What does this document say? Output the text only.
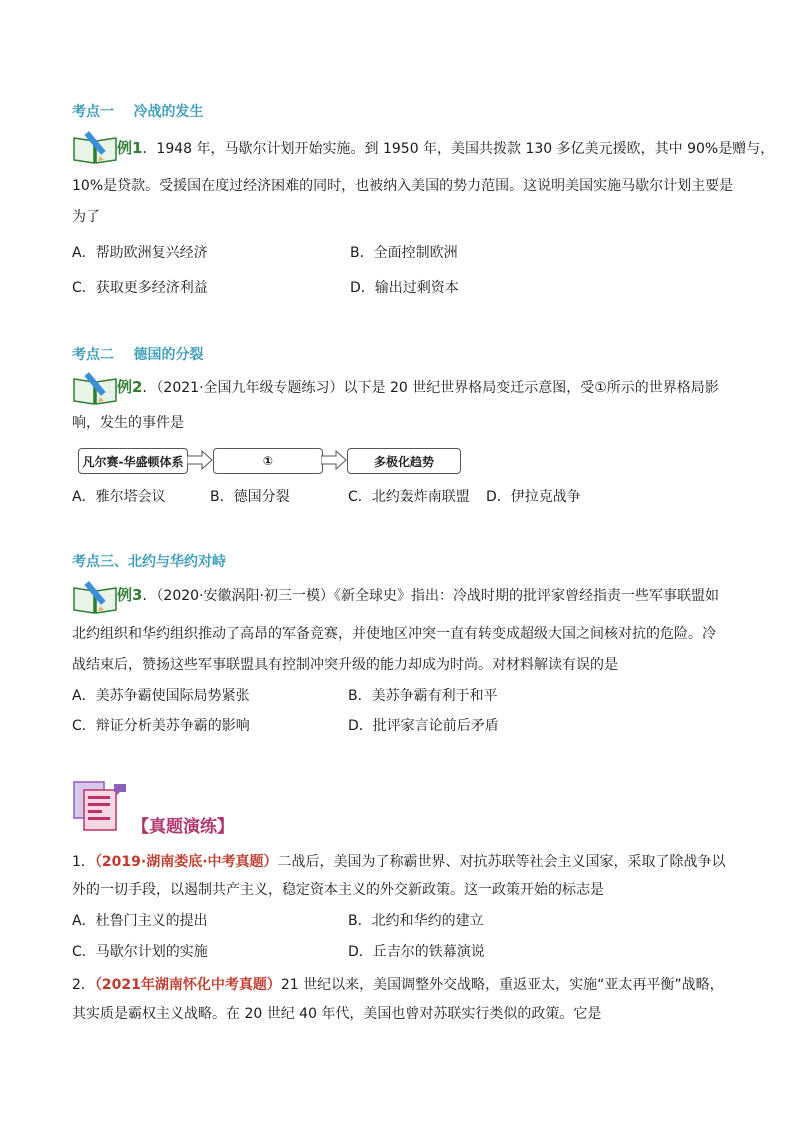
考点一    冷战的发生
例1．1948 年，马歇尔计划开始实施。到 1950 年，美国共拨款 130 多亿美元援欧，其中 90%是赠与，
10%是贷款。受援国在度过经济困难的同时，也被纳入美国的势力范围。这说明美国实施马歇尔计划主要是
为了
A．帮助欧洲复兴经济	B．全面控制欧洲
C．获取更多经济利益	D．输出过剩资本
考点二    德国的分裂
例2．（2021·全国九年级专题练习）以下是 20 世纪世界格局变迁示意图，受①所示的世界格局影
响，发生的事件是
凡尔赛-华盛顿体系	①	多极化趋势
A．雅尔塔会议	B．德国分裂	C．北约轰炸南联盟 D．伊拉克战争
考点三、北约与华约对峙
例3．（2020·安徽涡阳·初三一模）《新全球史》指出：冷战时期的批评家曾经指责一些军事联盟如
北约组织和华约组织推动了高昂的军备竞赛，并使地区冲突一直有转变成超级大国之间核对抗的危险。冷
战结束后，赞扬这些军事联盟具有控制冲突升级的能力却成为时尚。对材料解读有误的是
A．美苏争霸使国际局势紧张	B．美苏争霸有利于和平
C．辩证分析美苏争霸的影响	D．批评家言论前后矛盾
【真题演练】
1．（2019·湖南娄底·中考真题）二战后，美国为了称霸世界、对抗苏联等社会主义国家，采取了除战争以
外的一切手段，以遏制共产主义，稳定资本主义的外交新政策。这一政策开始的标志是
A．杜鲁门主义的提出	B．北约和华约的建立
C．马歇尔计划的实施	D．丘吉尔的铁幕演说
2．（2021年湖南怀化中考真题）21 世纪以来，美国调整外交战略，重返亚太，实施“亚太再平衡”战略，
其实质是霸权主义战略。在 20 世纪 40 年代，美国也曾对苏联实行类似的政策。它是
